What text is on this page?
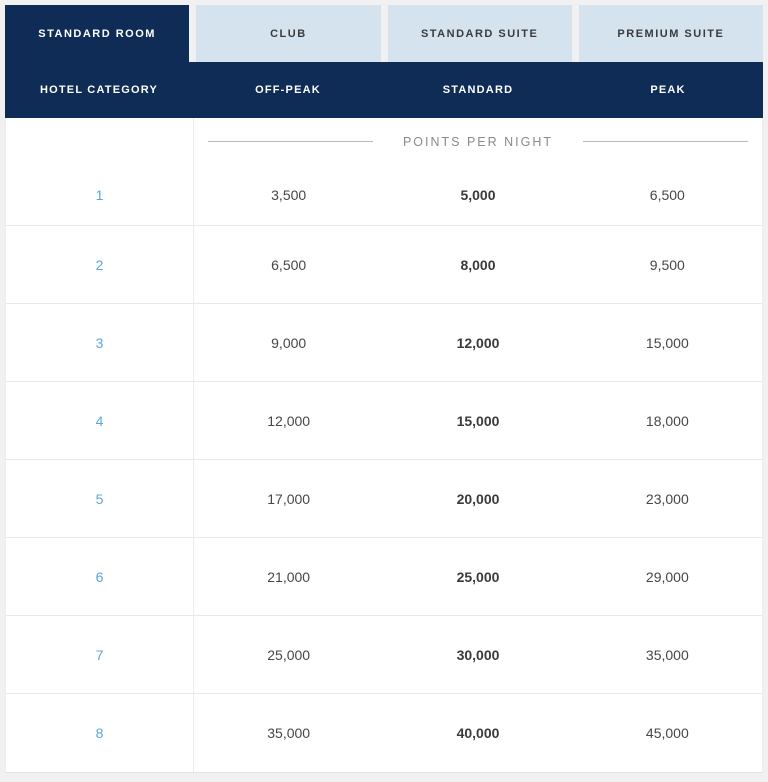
STANDARD ROOM	CLUB	STANDARD SUITE	PREMIUM SUITE
HOTEL CATEGORY	OFF-PEAK	STANDARD	PEAK
POINTS PER NIGHT
1	3,500	5,000	6,500
2	6,500	8,000	9,500
3	9,000	12,000	15,000
4	12,000	15,000	18,000
5	17,000	20,000	23,000
6	21,000	25,000	29,000
7	25,000	30,000	35,000
8	35,000	40,000	45,000
